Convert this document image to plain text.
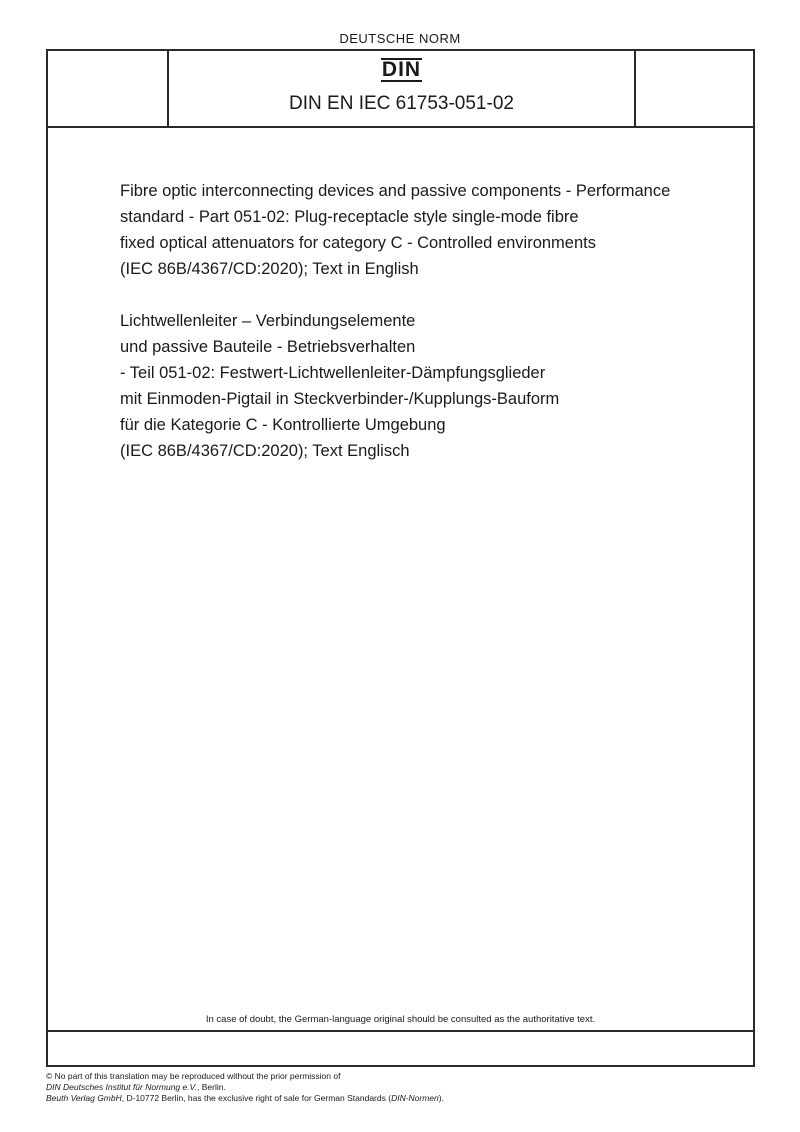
DEUTSCHE NORM
DIN
DIN EN IEC 61753-051-02

Fibre optic interconnecting devices and passive components - Performance

standard - Part 051-02: Plug-receptacle style single-mode fibre

fixed optical attenuators for category C - Controlled environments

(IEC 86B/4367/CD:2020); Text in English

Lichtwellenleiter – Verbindungselemente

und passive Bauteile - Betriebsverhalten

- Teil 051-02: Festwert-Lichtwellenleiter-Dämpfungsglieder

mit Einmoden-Pigtail in Steckverbinder-/Kupplungs-Bauform

für die Kategorie C - Kontrollierte Umgebung

(IEC 86B/4367/CD:2020); Text Englisch

In case of doubt, the German-language original should be consulted as the authoritative text.

© No part of this translation may be reproduced without the prior permission of

DIN Deutsches Institut für Normung e.V., Berlin.

Beuth Verlag GmbH, D-10772 Berlin, has the exclusive right of sale for German Standards (DIN-Normen).
